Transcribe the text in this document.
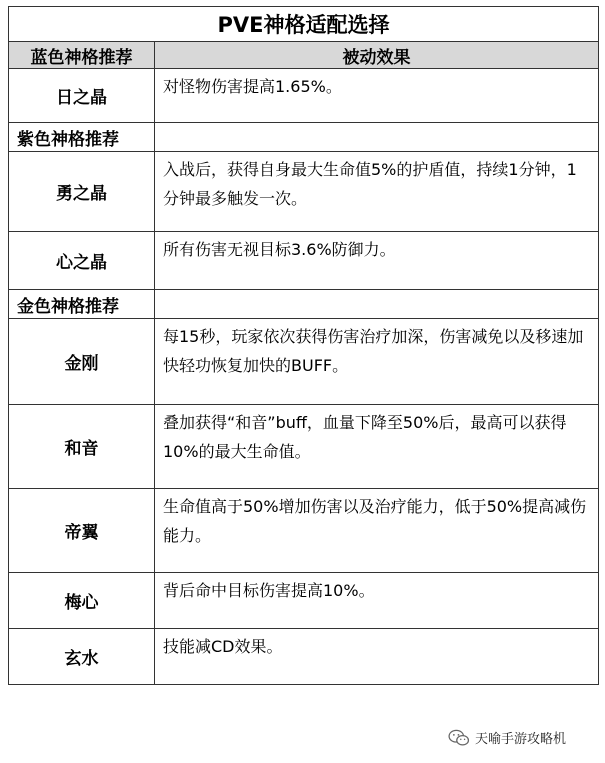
PVE神格适配选择	
蓝色神格推荐	被动效果
日之晶	对怪物伤害提高1.65%。
紫色神格推荐	
勇之晶	入战后，获得自身最大生命值5%的护盾值，持续1分钟，1分钟最多触发一次。
心之晶	所有伤害无视目标3.6%防御力。
金色神格推荐	
金刚	每15秒，玩家依次获得伤害治疗加深，伤害减免以及移速加快轻功恢复加快的BUFF。
和音	叠加获得“和音”buff，血量下降至50%后，最高可以获得10%的最大生命值。
帝翼	生命值高于50%增加伤害以及治疗能力，低于50%提高减伤能力。
梅心	背后命中目标伤害提高10%。
玄水	技能减CD效果。
天喻手游攻略机
